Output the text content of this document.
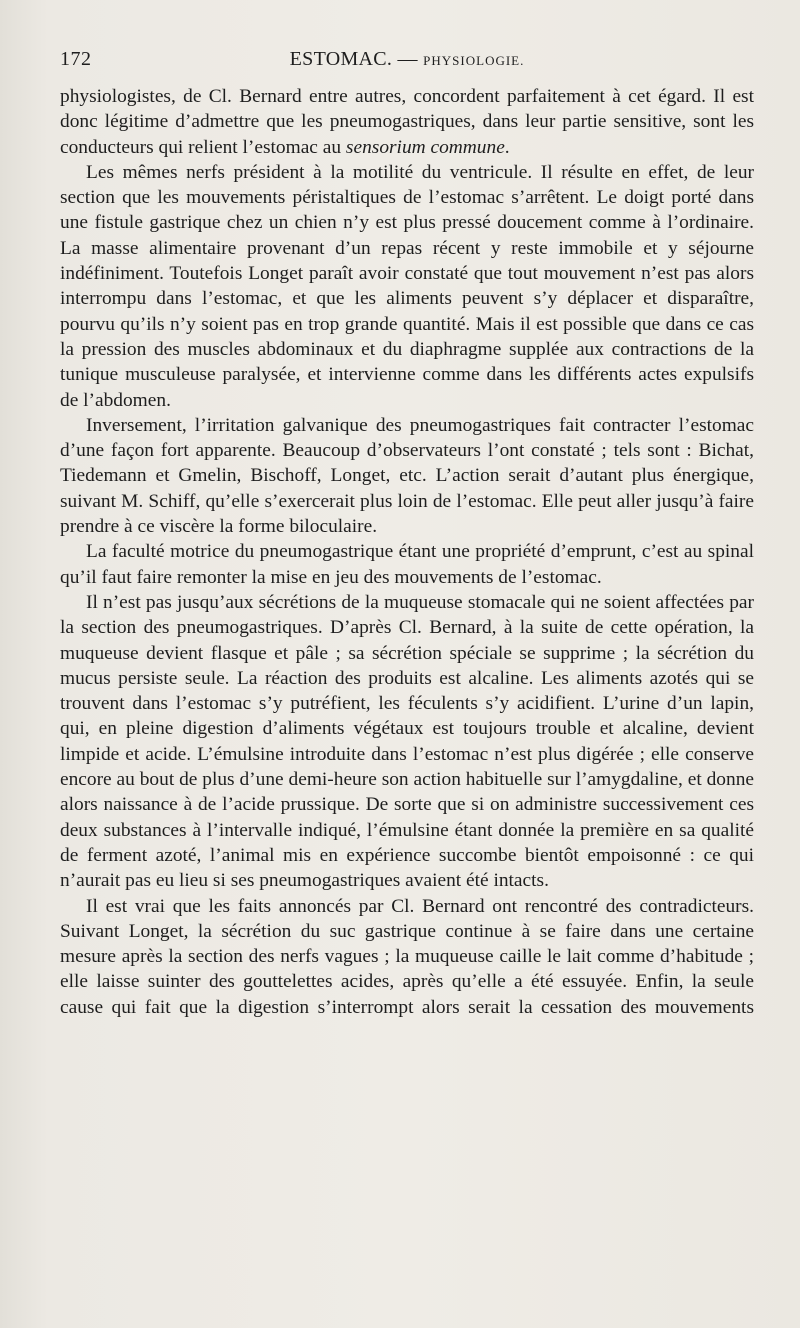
172	ESTOMAC. — PHYSIOLOGIE.

physiologistes, de Cl. Bernard entre autres, concordent parfaitement à cet égard. Il est donc légitime d’admettre que les pneumogastriques, dans leur partie sensitive, sont les conducteurs qui relient l’estomac au sensorium commune.

Les mêmes nerfs président à la motilité du ventricule. Il résulte en effet, de leur section que les mouvements péristaltiques de l’estomac s’arrêtent. Le doigt porté dans une fistule gastrique chez un chien n’y est plus pressé doucement comme à l’ordinaire. La masse alimentaire provenant d’un repas récent y reste immobile et y séjourne indéfiniment. Toutefois Longet paraît avoir constaté que tout mouvement n’est pas alors interrompu dans l’estomac, et que les aliments peuvent s’y déplacer et disparaître, pourvu qu’ils n’y soient pas en trop grande quantité. Mais il est possible que dans ce cas la pression des muscles abdominaux et du diaphragme supplée aux contractions de la tunique musculeuse paralysée, et intervienne comme dans les différents actes expulsifs de l’abdomen.

Inversement, l’irritation galvanique des pneumogastriques fait contracter l’estomac d’une façon fort apparente. Beaucoup d’observateurs l’ont constaté ; tels sont : Bichat, Tiedemann et Gmelin, Bischoff, Longet, etc. L’action serait d’autant plus énergique, suivant M. Schiff, qu’elle s’exercerait plus loin de l’estomac. Elle peut aller jusqu’à faire prendre à ce viscère la forme biloculaire.

La faculté motrice du pneumogastrique étant une propriété d’emprunt, c’est au spinal qu’il faut faire remonter la mise en jeu des mouvements de l’estomac.

Il n’est pas jusqu’aux sécrétions de la muqueuse stomacale qui ne soient affectées par la section des pneumogastriques. D’après Cl. Bernard, à la suite de cette opération, la muqueuse devient flasque et pâle ; sa sécrétion spéciale se supprime ; la sécrétion du mucus persiste seule. La réaction des produits est alcaline. Les aliments azotés qui se trouvent dans l’estomac s’y putréfient, les féculents s’y acidifient. L’urine d’un lapin, qui, en pleine digestion d’aliments végétaux est toujours trouble et alcaline, devient limpide et acide. L’émulsine introduite dans l’estomac n’est plus digérée ; elle conserve encore au bout de plus d’une demi-heure son action habituelle sur l’amygdaline, et donne alors naissance à de l’acide prussique. De sorte que si on administre successivement ces deux substances à l’intervalle indiqué, l’émulsine étant donnée la première en sa qualité de ferment azoté, l’animal mis en expérience succombe bientôt empoisonné : ce qui n’aurait pas eu lieu si ses pneumogastriques avaient été intacts.

Il est vrai que les faits annoncés par Cl. Bernard ont rencontré des contradicteurs. Suivant Longet, la sécrétion du suc gastrique continue à se faire dans une certaine mesure après la section des nerfs vagues ; la muqueuse caille le lait comme d’habitude ; elle laisse suinter des gouttelettes acides, après qu’elle a été essuyée. Enfin, la seule cause qui fait que la digestion s’interrompt alors serait la cessation des mouvements
